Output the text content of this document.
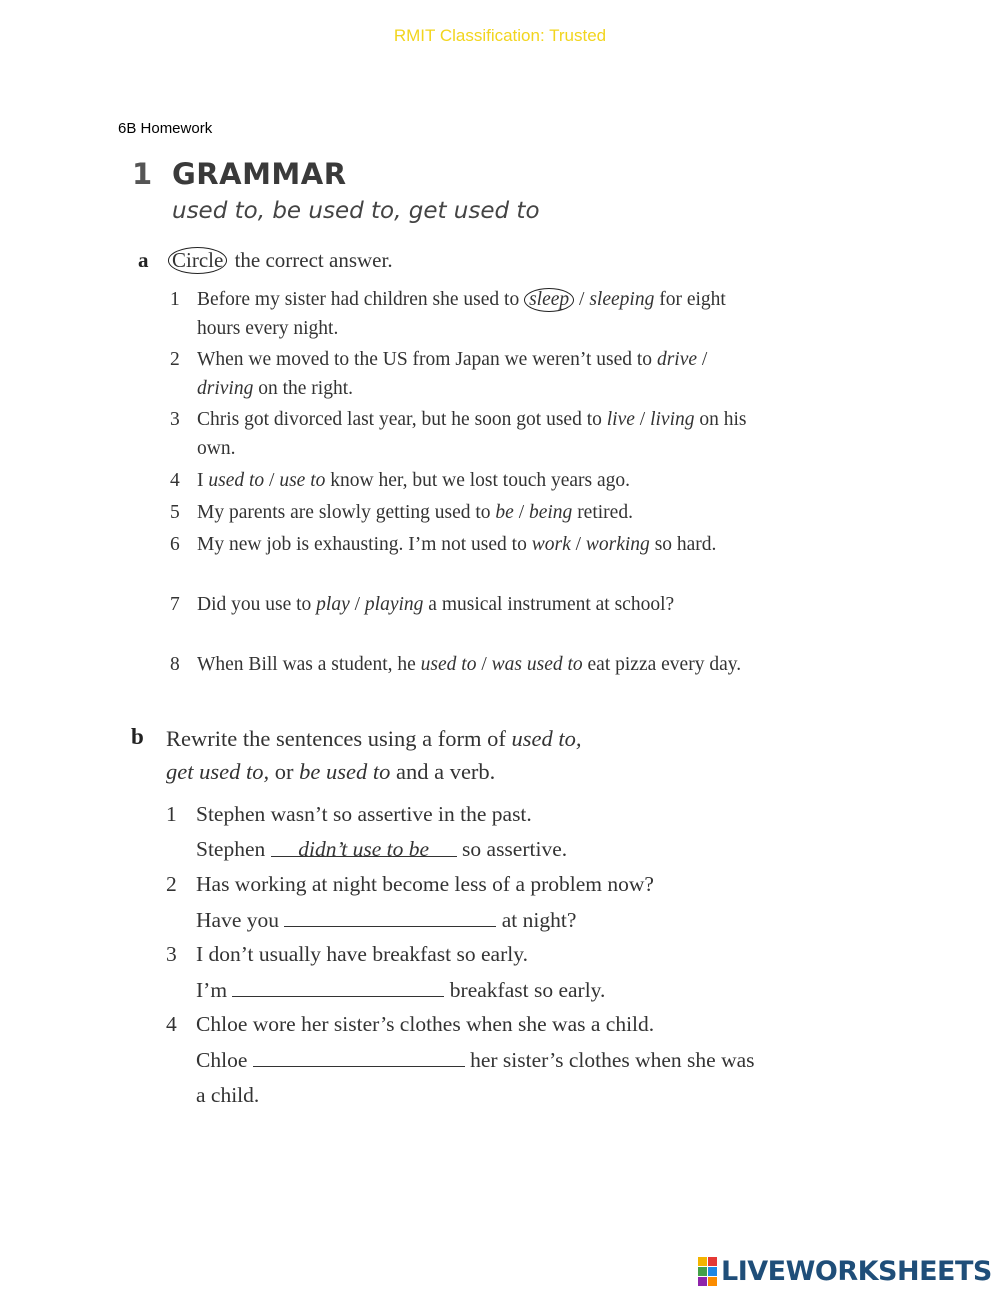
RMIT Classification: Trusted
6B Homework
1 GRAMMAR
used to, be used to, get used to
a Circle the correct answer.
1 Before my sister had children she used to sleep / sleeping for eight hours every night.
2 When we moved to the US from Japan we weren’t used to drive / driving on the right.
3 Chris got divorced last year, but he soon got used to live / living on his own.
4 I used to / use to know her, but we lost touch years ago.
5 My parents are slowly getting used to be / being retired.
6 My new job is exhausting. I’m not used to work / working so hard.
7 Did you use to play / playing a musical instrument at school?
8 When Bill was a student, he used to / was used to eat pizza every day.
b Rewrite the sentences using a form of used to,
get used to, or be used to and a verb.
1 Stephen wasn’t so assertive in the past.
Stephen didn’t use to be so assertive.
2 Has working at night become less of a problem now?
Have you	at night?
3 I don’t usually have breakfast so early.
I’m	breakfast so early.
4 Chloe wore her sister’s clothes when she was a child.
Chloe	her sister’s clothes when she was a child.
LIVEWORKSHEETS
